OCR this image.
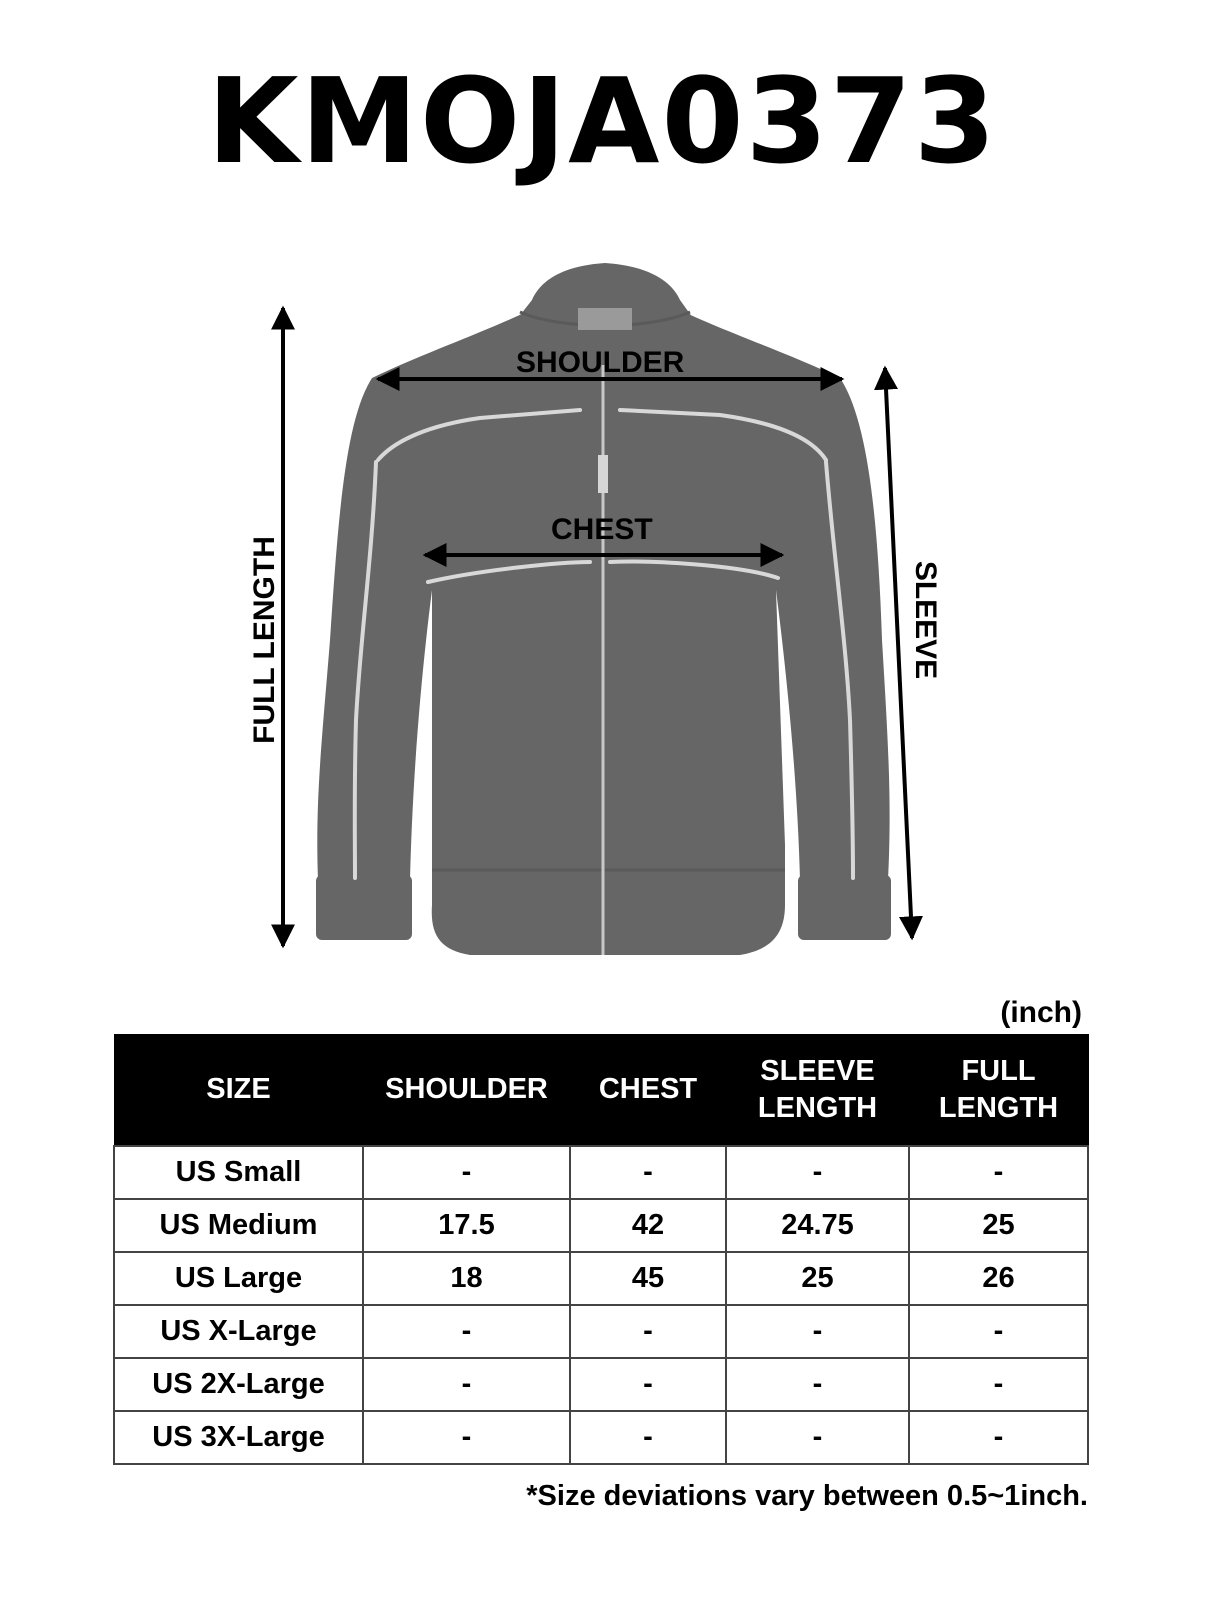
KMOJA0373
SHOULDER
CHEST
FULL LENGTH	SLEEVE
(inch)
SIZE	SHOULDER	CHEST	SLEEVE LENGTH	FULL LENGTH
US Small	-	-	-	-
US Medium	17.5	42	24.75	25
US Large	18	45	25	26
US X-Large	-	-	-	-
US 2X-Large	-	-	-	-
US 3X-Large	-	-	-	-
*Size deviations vary between 0.5~1inch.
